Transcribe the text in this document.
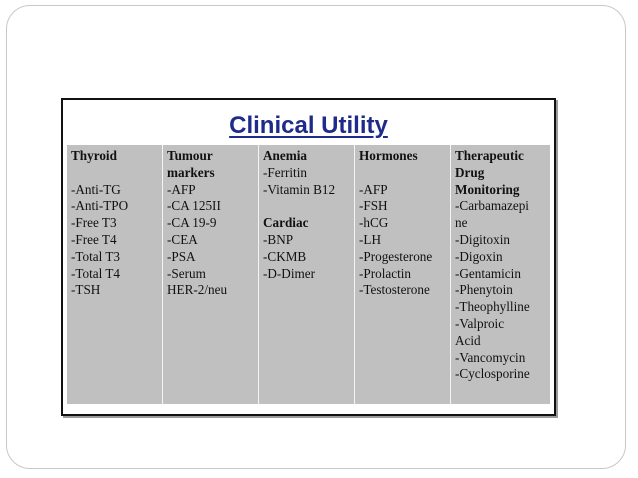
Clinical Utility
Thyroid
-Anti-TG
-Anti-TPO
-Free T3
-Free T4
-Total T3
-Total T4
-TSH
Tumour
markers
-AFP
-CA 125II
-CA 19-9
-CEA
-PSA
-Serum
HER-2/neu
Anemia
-Ferritin
-Vitamin B12
Cardiac
-BNP
-CKMB
-D-Dimer
Hormones
-AFP
-FSH
-hCG
-LH
-Progesterone
-Prolactin
-Testosterone
Therapeutic
Drug
Monitoring
-Carbamazepi
ne
-Digitoxin
-Digoxin
-Gentamicin
-Phenytoin
-Theophylline
-Valproic
Acid
-Vancomycin
-Cyclosporine
